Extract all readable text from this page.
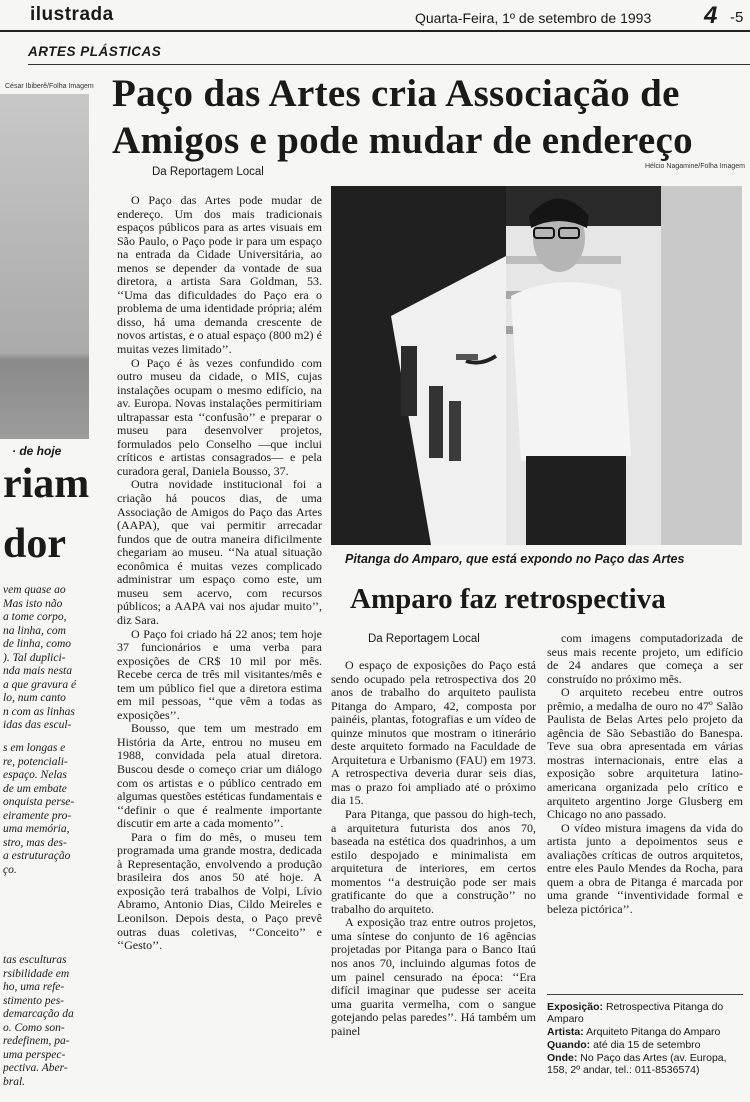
ilustrada	Quarta-Feira, 1º de setembro de 1993 4 -5
ARTES PLÁSTICAS
César Ibiberê/Folha Imagem
· de hoje
riam
dor
vem quase ao
Mas isto não
a tome corpo,
na linha, com
de linha, como
). Tal duplici-
nda mais nesta
a que gravura é
lo, num canto
n com as linhas
idas das escul-
s em longas e
re, potenciali-
espaço. Nelas
de um embate
onquista perse-
eiramente pro-
uma memória,
stro, mas des-
a estruturação
ço.
tas esculturas
rsibilidade em
ho, uma refe-
stimento pes-
demarcação da
o. Como son-
redefinem, pa-
uma perspec-
pectiva. Aber-
bral.
Paço das Artes cria Associação de Amigos e pode mudar de endereço
Da Reportagem Local	Hélcio Nagamine/Folha Imagem

O Paço das Artes pode mudar de endereço. Um dos mais tradicionais espaços públicos para as artes visuais em São Paulo, o Paço pode ir para um espaço na entrada da Cidade Universitária, ao menos se depender da vontade de sua diretora, a artista Sara Goldman, 53. ‘‘Uma das dificuldades do Paço era o problema de uma identidade própria; além disso, há uma demanda crescente de novos artistas, e o atual espaço (800 m2) é muitas vezes limitado’’.

O Paço é às vezes confundido com outro museu da cidade, o MIS, cujas instalações ocupam o mesmo edifício, na av. Europa. Novas instalações permitiriam ultrapassar esta ‘‘confusão’’ e preparar o museu para desenvolver projetos, formulados pelo Conselho —que inclui críticos e artistas consagrados— e pela curadora geral, Daniela Bousso, 37.

Outra novidade institucional foi a criação há poucos dias, de uma Associação de Amigos do Paço das Artes (AAPA), que vai permitir arrecadar fundos que de outra maneira dificilmente chegariam ao museu. ‘‘Na atual situação econômica é muitas vezes complicado administrar um espaço como este, um museu sem acervo, com recursos públicos; a AAPA vai nos ajudar muito’’, diz Sara.

O Paço foi criado há 22 anos; tem hoje 37 funcionários e uma verba para exposições de CR$ 10 mil por mês. Recebe cerca de três mil visitantes/mês e tem um público fiel que a diretora estima em mil pessoas, ‘‘que vêm a todas as exposições’’.

Bousso, que tem um mestrado em História da Arte, entrou no museu em 1988, convidada pela atual diretora. Buscou desde o começo criar um diálogo com os artistas e o público centrado em algumas questões estéticas fundamentais e ‘‘definir o que é realmente importante discutir em arte a cada momento’’.

Para o fim do mês, o museu tem programada uma grande mostra, dedicada à Representação, envolvendo a produção brasileira dos anos 50 até hoje. A exposição terá trabalhos de Volpi, Lívio Abramo, Antonio Dias, Cildo Meireles e Leonilson. Depois desta, o Paço prevê outras duas coletivas, ‘‘Conceito’’ e ‘‘Gesto’’.

Pitanga do Amparo, que está expondo no Paço das Artes
Amparo faz retrospectiva
Da Reportagem Local

O espaço de exposições do Paço está sendo ocupado pela retrospectiva dos 20 anos de trabalho do arquiteto paulista Pitanga do Amparo, 42, composta por painéis, plantas, fotografias e um vídeo de quinze minutos que mostram o itinerário deste arquiteto formado na Faculdade de Arquitetura e Urbanismo (FAU) em 1973. A retrospectiva deveria durar seis dias, mas o prazo foi ampliado até o próximo dia 15.

Para Pitanga, que passou do high-tech, a arquitetura futurista dos anos 70, baseada na estética dos quadrinhos, a um estilo despojado e minimalista em arquitetura de interiores, em certos momentos ‘‘a destruição pode ser mais gratificante do que a construção’’ no trabalho do arquiteto.

A exposição traz entre outros projetos, uma síntese do conjunto de 16 agências projetadas por Pitanga para o Banco Itaú nos anos 70, incluindo algumas fotos de um painel censurado na época: ‘‘Era difícil imaginar que pudesse ser aceita uma guarita vermelha, com o sangue gotejando pelas paredes’’. Há também um painel

com imagens computadorizada de seus mais recente projeto, um edifício de 24 andares que começa a ser construído no próximo mês.

O arquiteto recebeu entre outros prêmio, a medalha de ouro no 47º Salão Paulista de Belas Artes pelo projeto da agência de São Sebastião do Banespa. Teve sua obra apresentada em várias mostras internacionais, entre elas a exposição sobre arquitetura latino-americana organizada pelo crítico e arquiteto argentino Jorge Glusberg em Chicago no ano passado.

O vídeo mistura imagens da vida do artista junto a depoimentos seus e avaliações críticas de outros arquitetos, entre eles Paulo Mendes da Rocha, para quem a obra de Pitanga é marcada por uma grande ‘‘inventividade formal e beleza pictórica’’.

Exposição: Retrospectiva Pitanga do Amparo
Artista: Arquiteto Pitanga do Amparo
Quando: até dia 15 de setembro
Onde: No Paço das Artes (av. Europa, 158, 2º andar, tel.: 011-8536574)
